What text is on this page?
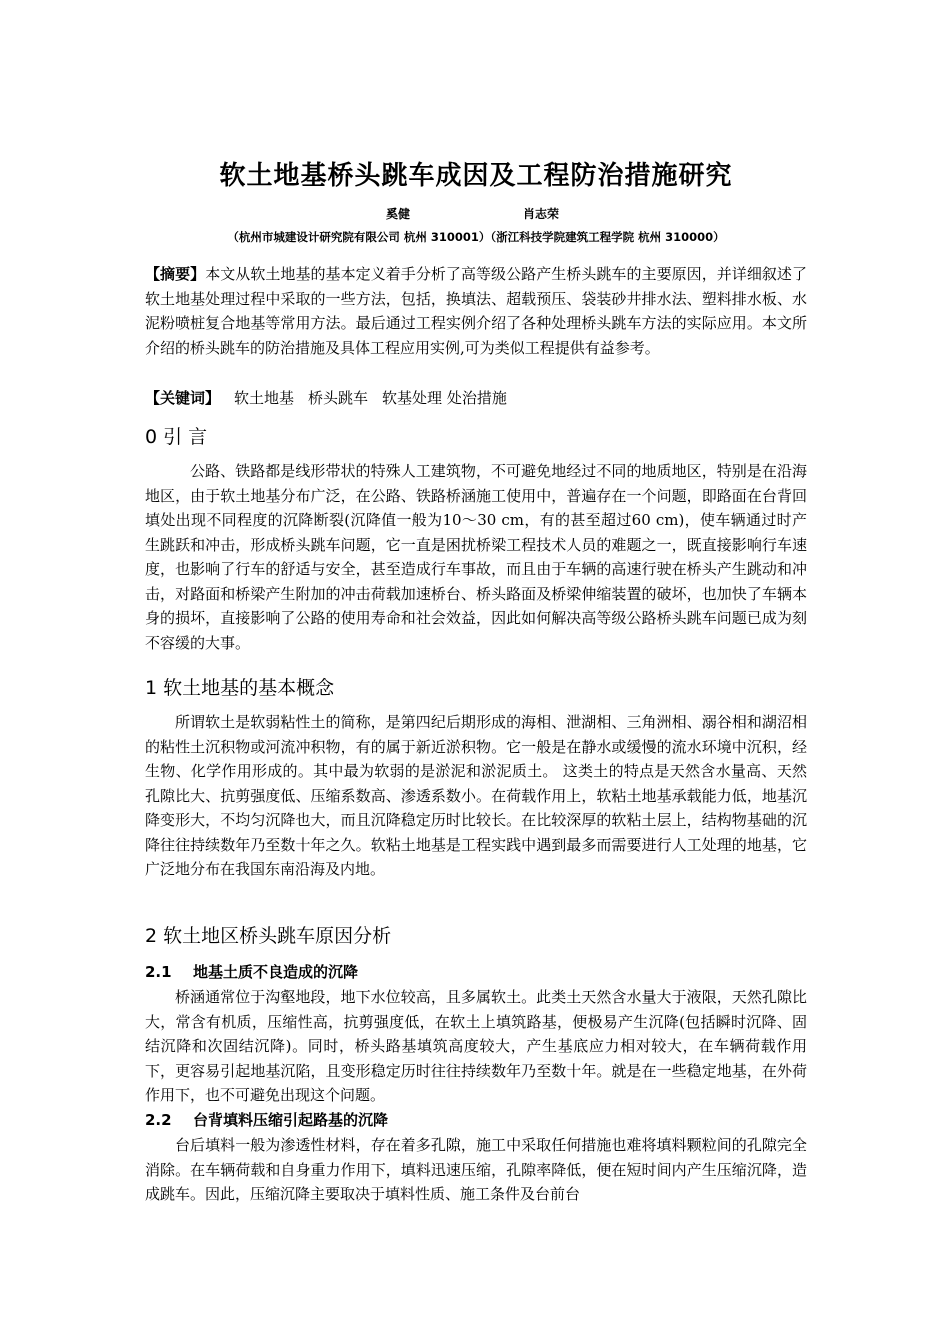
软土地基桥头跳车成因及工程防治措施研究
奚健	肖志荣
（杭州市城建设计研究院有限公司 杭州 310001）（浙江科技学院建筑工程学院 杭州 310000）
【摘要】本文从软土地基的基本定义着手分析了高等级公路产生桥头跳车的主要原因，并详细叙述了软土地基处理过程中采取的一些方法，包括，换填法、超载预压、袋装砂井排水法、塑料排水板、水泥粉喷桩复合地基等常用方法。最后通过工程实例介绍了各种处理桥头跳车方法的实际应用。本文所介绍的桥头跳车的防治措施及具体工程应用实例,可为类似工程提供有益参考。
【关键词】 软土地基 桥头跳车 软基处理 处治措施
0 引 言
公路、铁路都是线形带状的特殊人工建筑物，不可避免地经过不同的地质地区，特别是在沿海地区，由于软土地基分布广泛，在公路、铁路桥涵施工使用中，普遍存在一个问题，即路面在台背回填处出现不同程度的沉降断裂(沉降值一般为10～30 cm，有的甚至超过60 cm)，使车辆通过时产生跳跃和冲击，形成桥头跳车问题，它一直是困扰桥梁工程技术人员的难题之一，既直接影响行车速度，也影响了行车的舒适与安全，甚至造成行车事故，而且由于车辆的高速行驶在桥头产生跳动和冲击，对路面和桥梁产生附加的冲击荷载加速桥台、桥头路面及桥梁伸缩装置的破坏，也加快了车辆本身的损坏，直接影响了公路的使用寿命和社会效益，因此如何解决高等级公路桥头跳车问题已成为刻不容缓的大事。
1 软土地基的基本概念
所谓软土是软弱粘性土的简称，是第四纪后期形成的海相、泄湖相、三角洲相、溺谷相和湖沼相的粘性土沉积物或河流冲积物，有的属于新近淤积物。它一般是在静水或缓慢的流水环境中沉积，经生物、化学作用形成的。其中最为软弱的是淤泥和淤泥质土。 这类土的特点是天然含水量高、天然孔隙比大、抗剪强度低、压缩系数高、渗透系数小。在荷载作用上，软粘土地基承载能力低，地基沉降变形大，不均匀沉降也大，而且沉降稳定历时比较长。在比较深厚的软粘土层上，结构物基础的沉降往往持续数年乃至数十年之久。软粘土地基是工程实践中遇到最多而需要进行人工处理的地基，它广泛地分布在我国东南沿海及内地。
2 软土地区桥头跳车原因分析
2.1 地基土质不良造成的沉降
桥涵通常位于沟壑地段，地下水位较高，且多属软土。此类土天然含水量大于液限，天然孔隙比大，常含有机质，压缩性高，抗剪强度低，在软土上填筑路基，便极易产生沉降(包括瞬时沉降、固结沉降和次固结沉降)。同时，桥头路基填筑高度较大，产生基底应力相对较大，在车辆荷载作用下，更容易引起地基沉陷，且变形稳定历时往往持续数年乃至数十年。就是在一些稳定地基，在外荷作用下，也不可避免出现这个问题。
2.2 台背填料压缩引起路基的沉降
台后填料一般为渗透性材料，存在着多孔隙，施工中采取任何措施也难将填料颗粒间的孔隙完全消除。在车辆荷载和自身重力作用下，填料迅速压缩，孔隙率降低，便在短时间内产生压缩沉降，造成跳车。因此，压缩沉降主要取决于填料性质、施工条件及台前台
